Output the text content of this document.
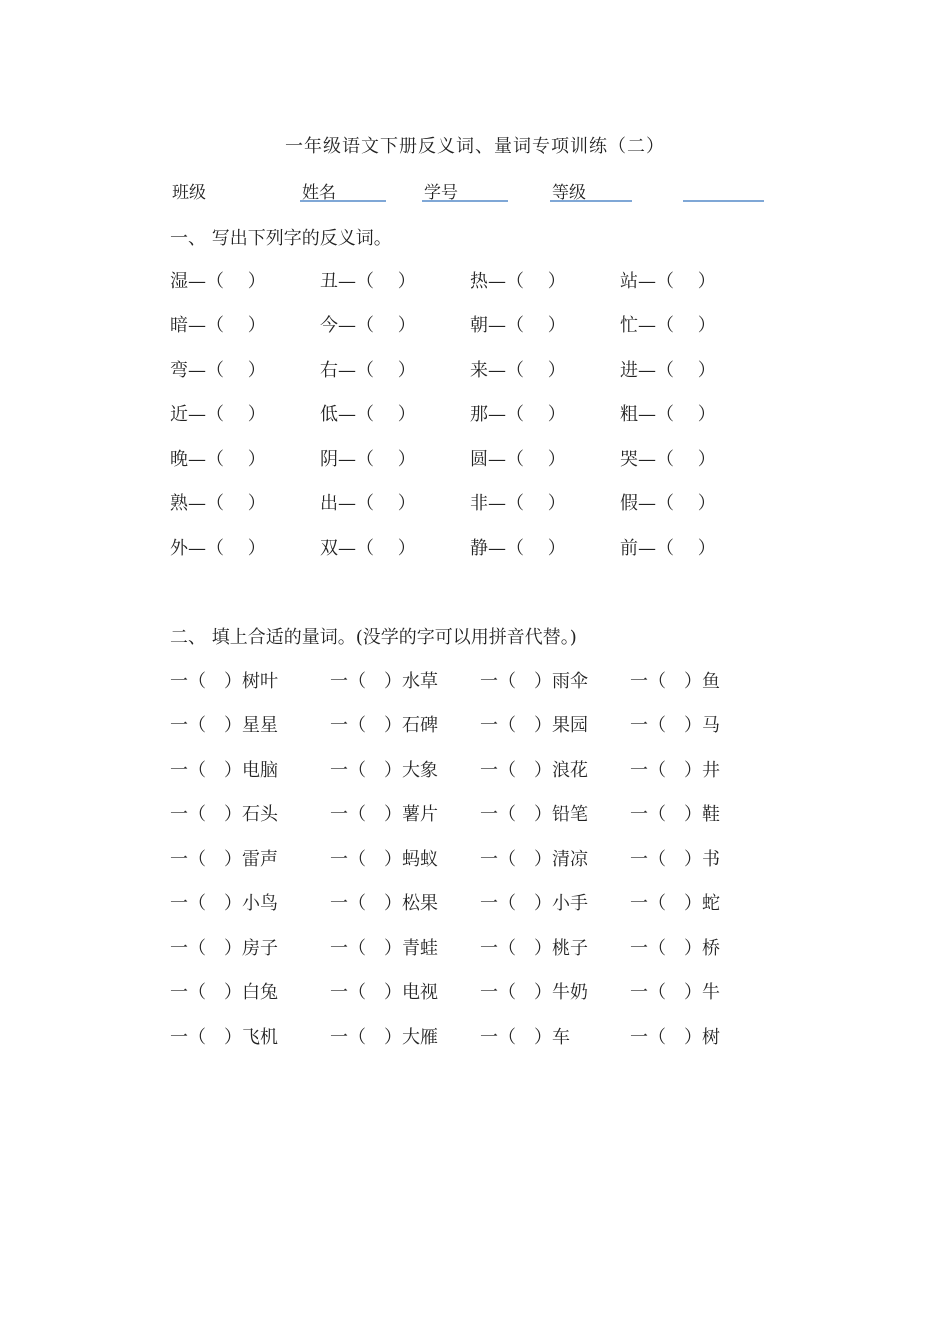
一年级语文下册反义词、量词专项训练（二）
班级	姓名	学号	等级
一、 写出下列字的反义词。
湿—（　 ）	丑—（　 ）	热—（　 ）	站—（　 ）
暗—（　 ）	今—（　 ）	朝—（　 ）	忙—（　 ）
弯—（　 ）	右—（　 ）	来—（　 ）	进—（　 ）
近—（　 ）	低—（　 ）	那—（　 ）	粗—（　 ）
晚—（　 ）	阴—（　 ）	圆—（　 ）	哭—（　 ）
熟—（　 ）	出—（　 ）	非—（　 ）	假—（　 ）
外—（　 ）	双—（　 ）	静—（　 ）	前—（　 ）
二、 填上合适的量词。(没学的字可以用拼音代替。)
一（　）树叶	一（　）水草 一（　）雨伞 一（　）鱼
一（　）星星	一（　）石碑 一（　）果园 一（　）马
一（　）电脑	一（　）大象 一（　）浪花 一（　）井
一（　）石头	一（　）薯片 一（　）铅笔 一（　）鞋
一（　）雷声	一（　）蚂蚁 一（　）清凉 一（　）书
一（　）小鸟	一（　）松果 一（　）小手 一（　）蛇
一（　）房子	一（　）青蛙 一（　）桃子 一（　）桥
一（　）白兔	一（　）电视 一（　）牛奶 一（　）牛
一（　）飞机	一（　）大雁 一（　）车	一（　）树
